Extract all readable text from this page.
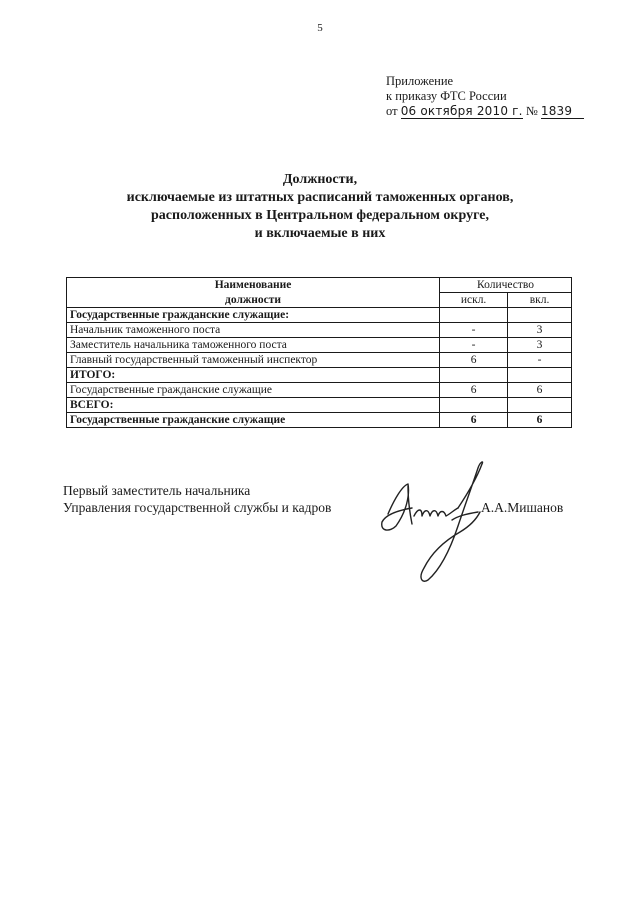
5
Приложение
к приказу ФТС России
от 06 октября 2010 г. № 1839
Должности,
исключаемые из штатных расписаний таможенных органов,
расположенных в Центральном федеральном округе,
и включаемые в них
Наименование	Количество	
должности	искл.	вкл.
Государственные гражданские служащие:		
Начальник таможенного поста	-	3
Заместитель начальника таможенного поста	-	3
Главный государственный таможенный инспектор	6	-
ИТОГО:		
Государственные гражданские служащие	6	6
ВСЕГО:		
Государственные гражданские служащие	6	6
Первый заместитель начальника
Управления государственной службы и кадров	А.А.Мишанов
